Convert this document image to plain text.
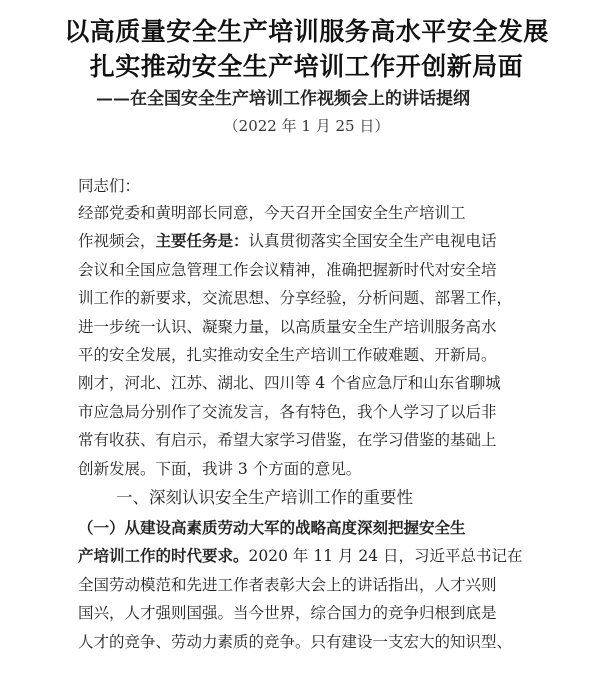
以高质量安全生产培训服务高水平安全发展
扎实推动安全生产培训工作开创新局面
——在全国安全生产培训工作视频会上的讲话提纲
（2022 年 1 月 25 日）
同志们：
经部党委和黄明部长同意，今天召开全国安全生产培训工
作视频会，主要任务是：认真贯彻落实全国安全生产电视电话
会议和全国应急管理工作会议精神，准确把握新时代对安全培
训工作的新要求，交流思想、分享经验，分析问题、部署工作，
进一步统一认识、凝聚力量，以高质量安全生产培训服务高水
平的安全发展，扎实推动安全生产培训工作破难题、开新局。
刚才，河北、江苏、湖北、四川等 4 个省应急厅和山东省聊城
市应急局分别作了交流发言，各有特色，我个人学习了以后非
常有收获、有启示，希望大家学习借鉴，在学习借鉴的基础上
创新发展。下面，我讲 3 个方面的意见。
一、深刻认识安全生产培训工作的重要性
（一）从建设高素质劳动大军的战略高度深刻把握安全生
产培训工作的时代要求。2020 年 11 月 24 日，习近平总书记在
全国劳动模范和先进工作者表彰大会上的讲话指出，人才兴则
国兴，人才强则国强。当今世界，综合国力的竞争归根到底是
人才的竞争、劳动力素质的竞争。只有建设一支宏大的知识型、
